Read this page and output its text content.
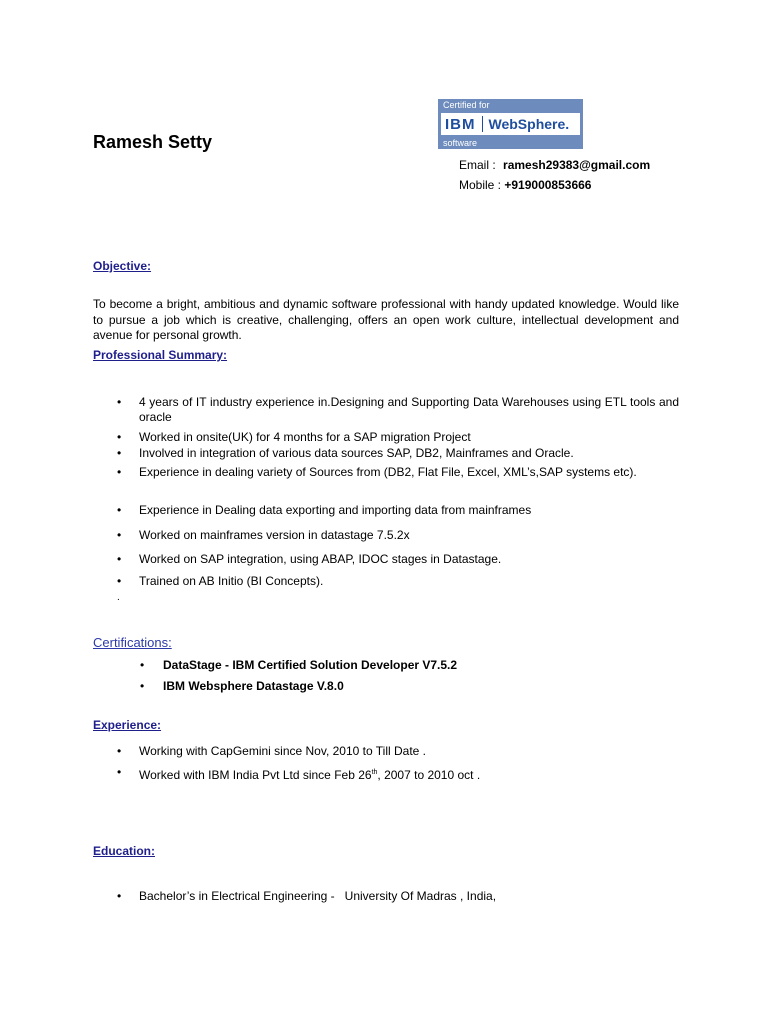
Ramesh Setty
Certified for
IBM WebSphere.
software
Email : ramesh29383@gmail.com
Mobile : +919000853666
Objective:
To become a bright, ambitious and dynamic software professional with handy updated knowledge. Would like to pursue a job which is creative, challenging, offers an open work culture, intellectual development and avenue for personal growth.
Professional Summary:
• 4 years of IT industry experience in.Designing and Supporting Data Warehouses using ETL tools and oracle
• Worked in onsite(UK) for 4 months for a SAP migration Project
• Involved in integration of various data sources SAP, DB2, Mainframes and Oracle.
• Experience in dealing variety of Sources from (DB2, Flat File, Excel, XML’s,SAP systems etc).
• Experience in Dealing data exporting and importing data from mainframes
• Worked on mainframes version in datastage 7.5.2x
• Worked on SAP integration, using ABAP, IDOC stages in Datastage.
• Trained on AB Initio (BI Concepts).
.
Certifications:
• DataStage - IBM Certified Solution Developer V7.5.2
• IBM Websphere Datastage V.8.0
Experience:
• Working with CapGemini since Nov, 2010 to Till Date .
• Worked with IBM India Pvt Ltd since Feb 26th, 2007 to 2010 oct .
Education:
• Bachelor’s in Electrical Engineering -   University Of Madras , India,
